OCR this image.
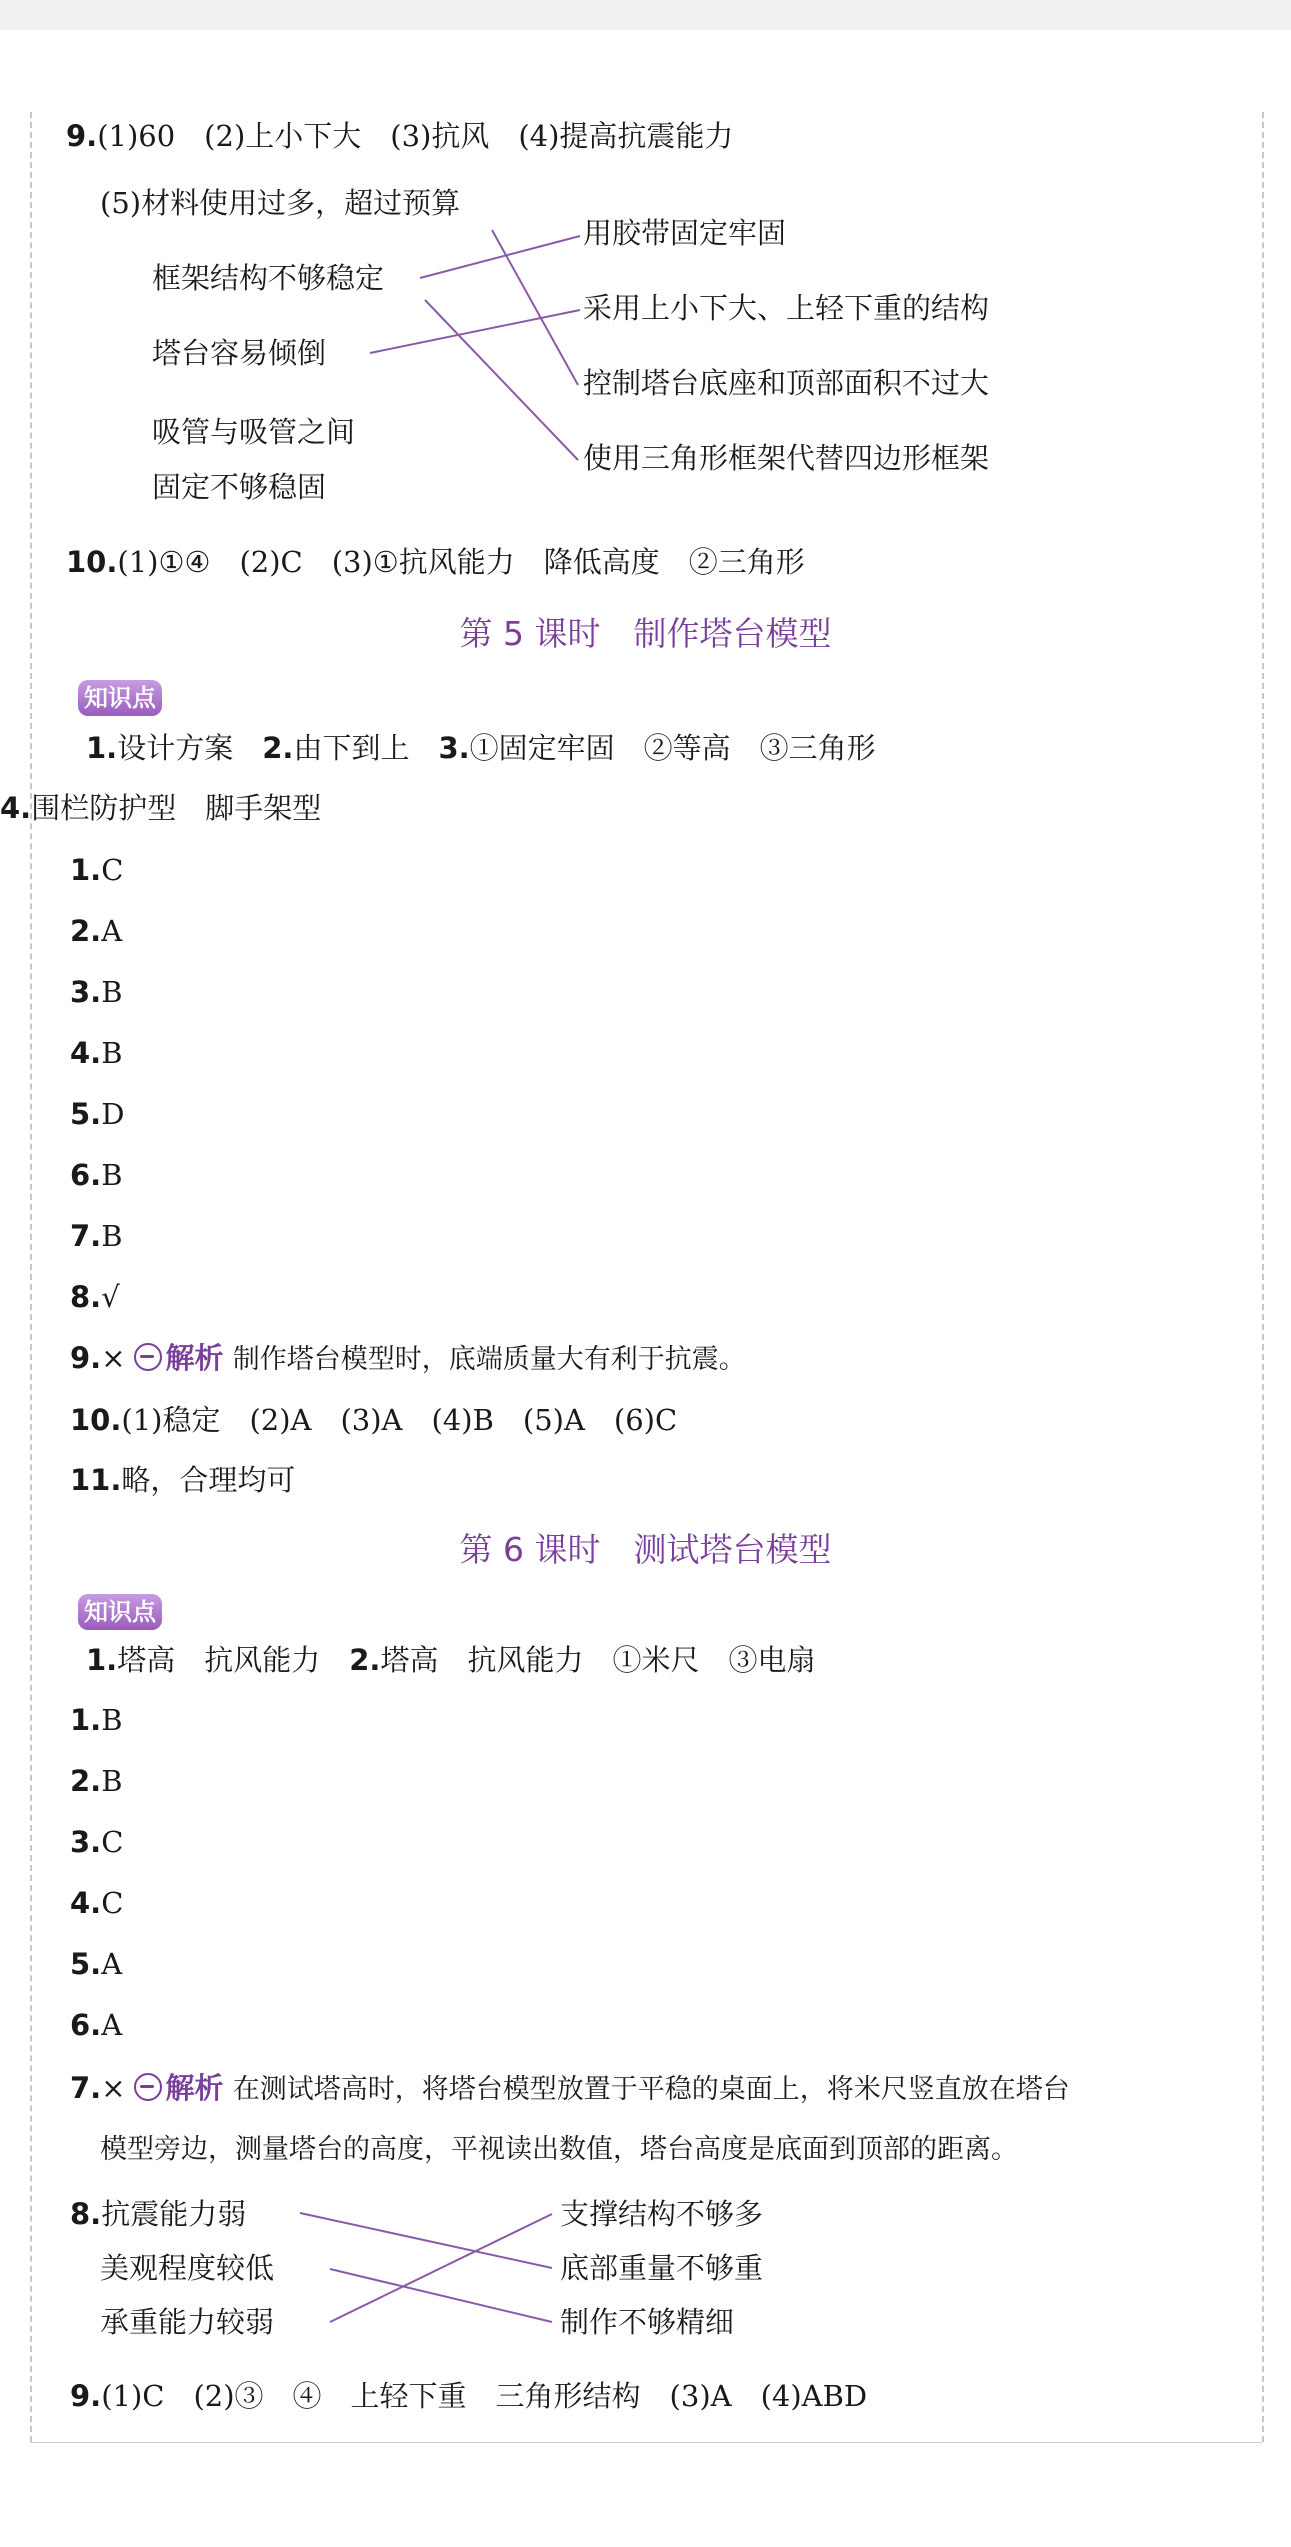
9.(1)60　(2)上小下大　(3)抗风　(4)提高抗震能力
(5)材料使用过多，超过预算
框架结构不够稳定
塔台容易倾倒
吸管与吸管之间
固定不够稳固
用胶带固定牢固
采用上小下大、上轻下重的结构
控制塔台底座和顶部面积不过大
使用三角形框架代替四边形框架
10.(1)①④　(2)C　(3)①抗风能力　降低高度　②三角形
第 5 课时　制作塔台模型
知识点
1.设计方案　 2.由下到上　 3.①固定牢固　②等高　③三角形
4.围栏防护型　脚手架型
1.C
2.A
3.B
4.B
5.D
6.B
7.B
8.√
9.× 解析 制作塔台模型时，底端质量大有利于抗震。
10.(1)稳定　(2)A　(3)A　(4)B　(5)A　(6)C
11.略，合理均可
第 6 课时　测试塔台模型
知识点
1.塔高　抗风能力　 2.塔高　抗风能力　①米尺　③电扇
1.B
2.B
3.C
4.C
5.A
6.A
7.× 解析 在测试塔高时，将塔台模型放置于平稳的桌面上，将米尺竖直放在塔台
模型旁边，测量塔台的高度，平视读出数值，塔台高度是底面到顶部的距离。
8.抗震能力弱
美观程度较低
承重能力较弱
支撑结构不够多
底部重量不够重
制作不够精细
9.(1)C　(2)③　④　上轻下重　三角形结构　(3)A　(4)ABD
